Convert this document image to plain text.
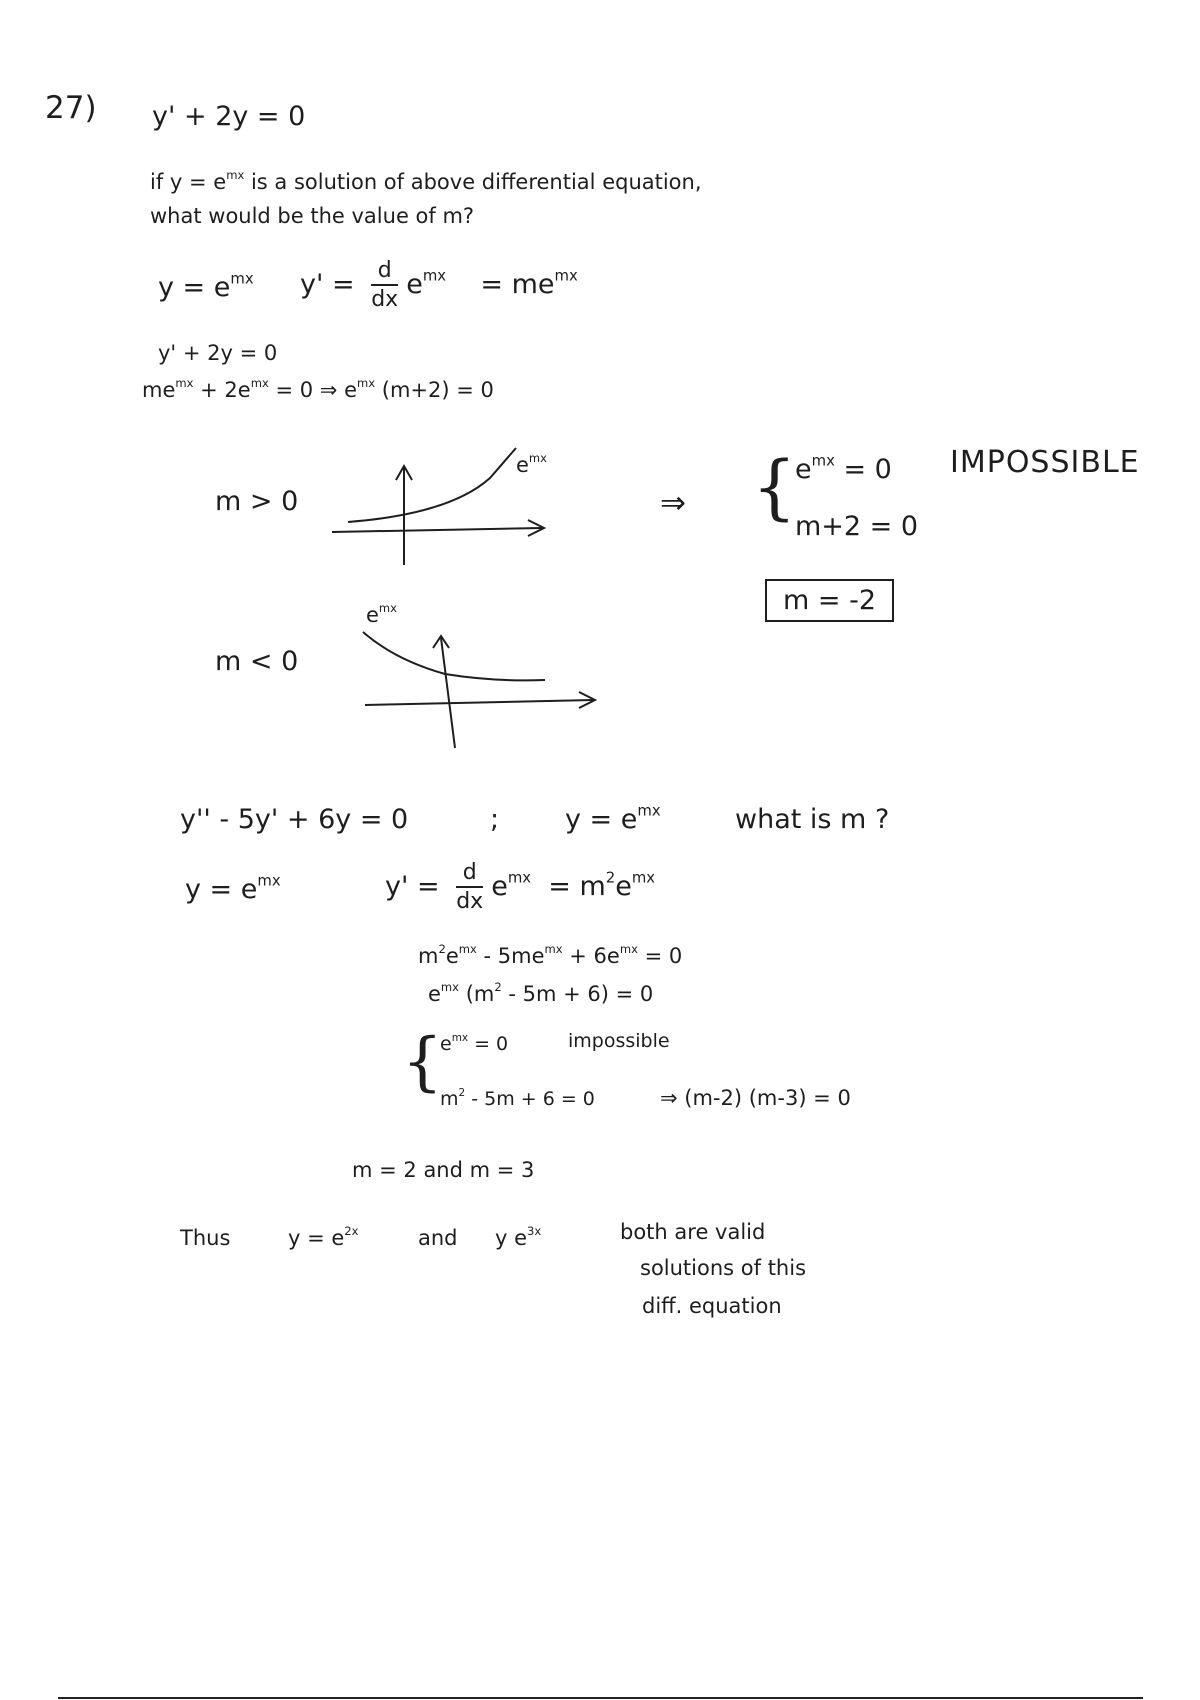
27) y' + 2y = 0
if $y = e^{mx}$ is a solution of above differential equation,
what would be the value of m?
$y = e^{mx}$ $y' = \frac{d}{dx} e^{mx} = me^{mx}$
y' + 2y = 0
$me^{mx} + 2e^{mx} = 0$ ⇒ $e^{mx}$ (m+2) = 0
m > 0
$e^{mx}$
$e^{mx}$
m < 0
⇒ {
$e^{mx} = 0$ IMPOSSIBLE
m+2 = 0
m = -2
y'' - 5y' + 6y = 0	; $y = e^{mx}$	what is m ?
$y = e^{mx}$	$y' = \frac{d}{dx} e^{mx} = m^2e^{mx}$
$m^2e^{mx} - 5me^{mx} + 6e^{mx} = 0$
$e^{mx}$ $(m^2 - 5m + 6) = 0$
{
$e^{mx} = 0$	impossible
$m^2 - 5m + 6 = 0$	⇒ (m-2) (m-3) = 0
m = 2 and m = 3
Thus	$y = e^{2x}$	and y $e^{3x}$	both are valid
solutions of this
diff. equation
